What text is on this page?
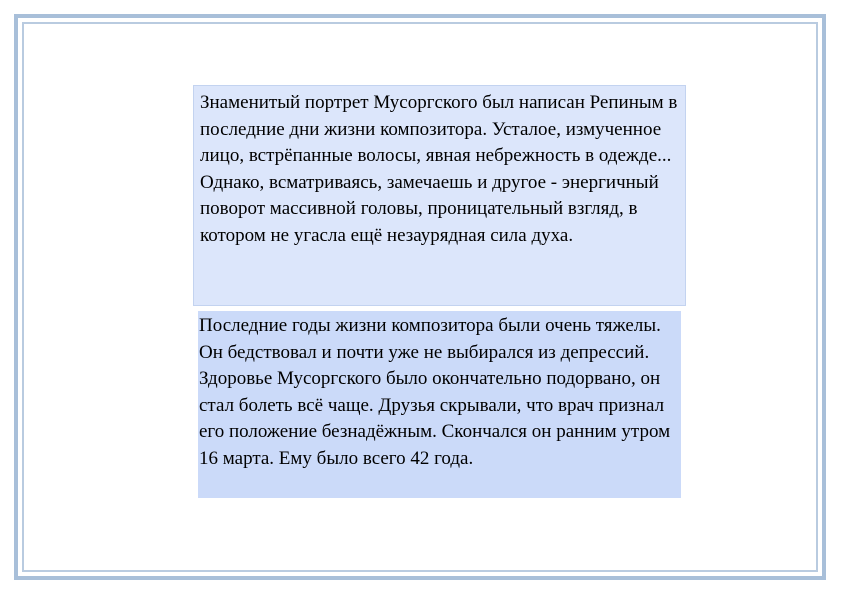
Знаменитый портрет Мусоргского был написан Репиным в последние дни жизни композитора. Усталое, измученное лицо, встрёпанные волосы, явная небрежность в одежде... Однако, всматриваясь, замечаешь и другое - энергичный поворот массивной головы, проницательный взгляд, в котором не угасла ещё незаурядная сила духа.

Последние годы жизни композитора были очень тяжелы. Он бедствовал и почти уже не выбирался из депрессий. Здоровье Мусоргского было окончательно подорвано, он стал болеть всё чаще. Друзья скрывали, что врач признал его положение безнадёжным. Скончался он ранним утром 16 марта. Ему было всего 42 года.
